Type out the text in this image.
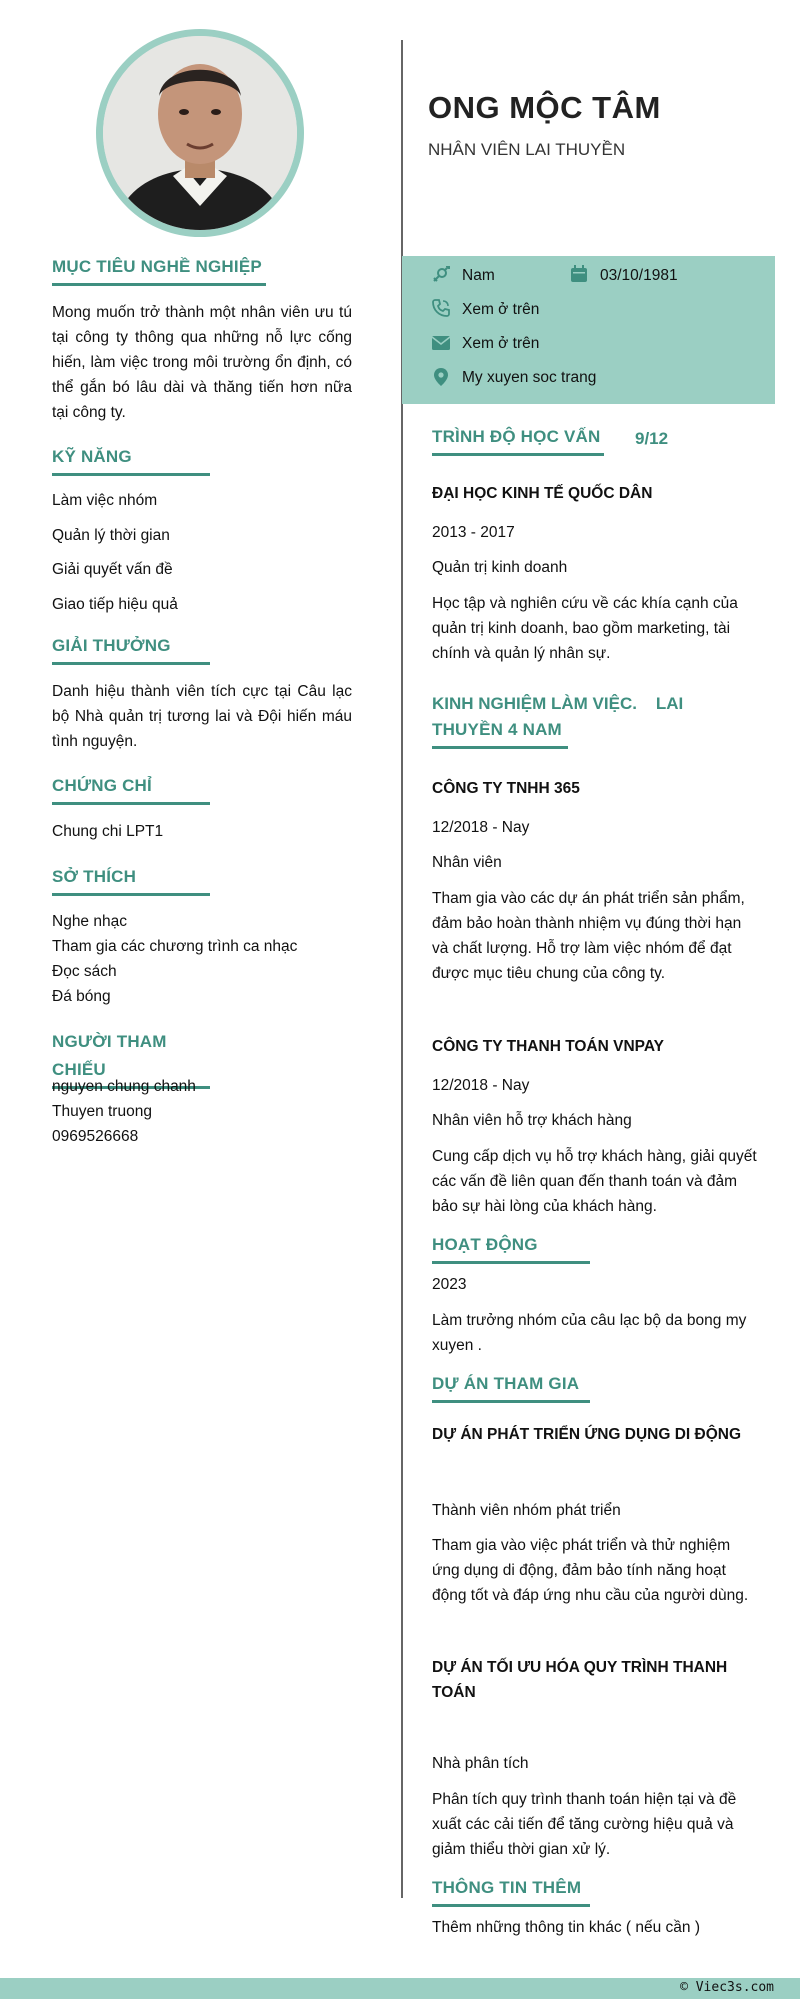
MỤC TIÊU NGHỀ NGHIỆP
Mong muốn trở thành một nhân viên ưu tú tại công ty thông qua những nỗ lực cống hiến, làm việc trong môi trường ổn định, có thể gắn bó lâu dài và thăng tiến hơn nữa tại công ty.
KỸ NĂNG
Làm việc nhóm
Quản lý thời gian
Giải quyết vấn đề
Giao tiếp hiệu quả
GIẢI THƯỞNG
Danh hiệu thành viên tích cực tại Câu lạc bộ Nhà quản trị tương lai và Đội hiến máu tình nguyện.
CHỨNG CHỈ
Chung chi LPT1
SỞ THÍCH
Nghe nhạc
Tham gia các chương trình ca nhạc
Đọc sách
Đá bóng
NGƯỜI THAM CHIẾU
nguyen chung chanh
Thuyen truong
0969526668
ONG MỘC TÂM
NHÂN VIÊN LAI THUYỀN
Nam	03/10/1981
Xem ở trên
Xem ở trên
My xuyen soc trang
TRÌNH ĐỘ HỌC VẤN 9/12
ĐẠI HỌC KINH TẾ QUỐC DÂN
2013 - 2017
Quản trị kinh doanh
Học tập và nghiên cứu về các khía cạnh của quản trị kinh doanh, bao gồm marketing, tài chính và quản lý nhân sự.
KINH NGHIỆM LÀM VIỆC.    LAI
THUYỀN 4 NAM
CÔNG TY TNHH 365
12/2018 - Nay
Nhân viên
Tham gia vào các dự án phát triển sản phẩm, đảm bảo hoàn thành nhiệm vụ đúng thời hạn và chất lượng. Hỗ trợ làm việc nhóm để đạt được mục tiêu chung của công ty.
CÔNG TY THANH TOÁN VNPAY
12/2018 - Nay
Nhân viên hỗ trợ khách hàng
Cung cấp dịch vụ hỗ trợ khách hàng, giải quyết các vấn đề liên quan đến thanh toán và đảm bảo sự hài lòng của khách hàng.
HOẠT ĐỘNG
2023
Làm trưởng nhóm của câu lạc bộ da bong my xuyen .
DỰ ÁN THAM GIA
DỰ ÁN PHÁT TRIỂN ỨNG DỤNG DI ĐỘNG
Thành viên nhóm phát triển
Tham gia vào việc phát triển và thử nghiệm ứng dụng di động, đảm bảo tính năng hoạt động tốt và đáp ứng nhu cầu của người dùng.
DỰ ÁN TỐI ƯU HÓA QUY TRÌNH THANH TOÁN
Nhà phân tích
Phân tích quy trình thanh toán hiện tại và đề xuất các cải tiến để tăng cường hiệu quả và giảm thiểu thời gian xử lý.
THÔNG TIN THÊM
Thêm những thông tin khác ( nếu cần )
© Viec3s.com
